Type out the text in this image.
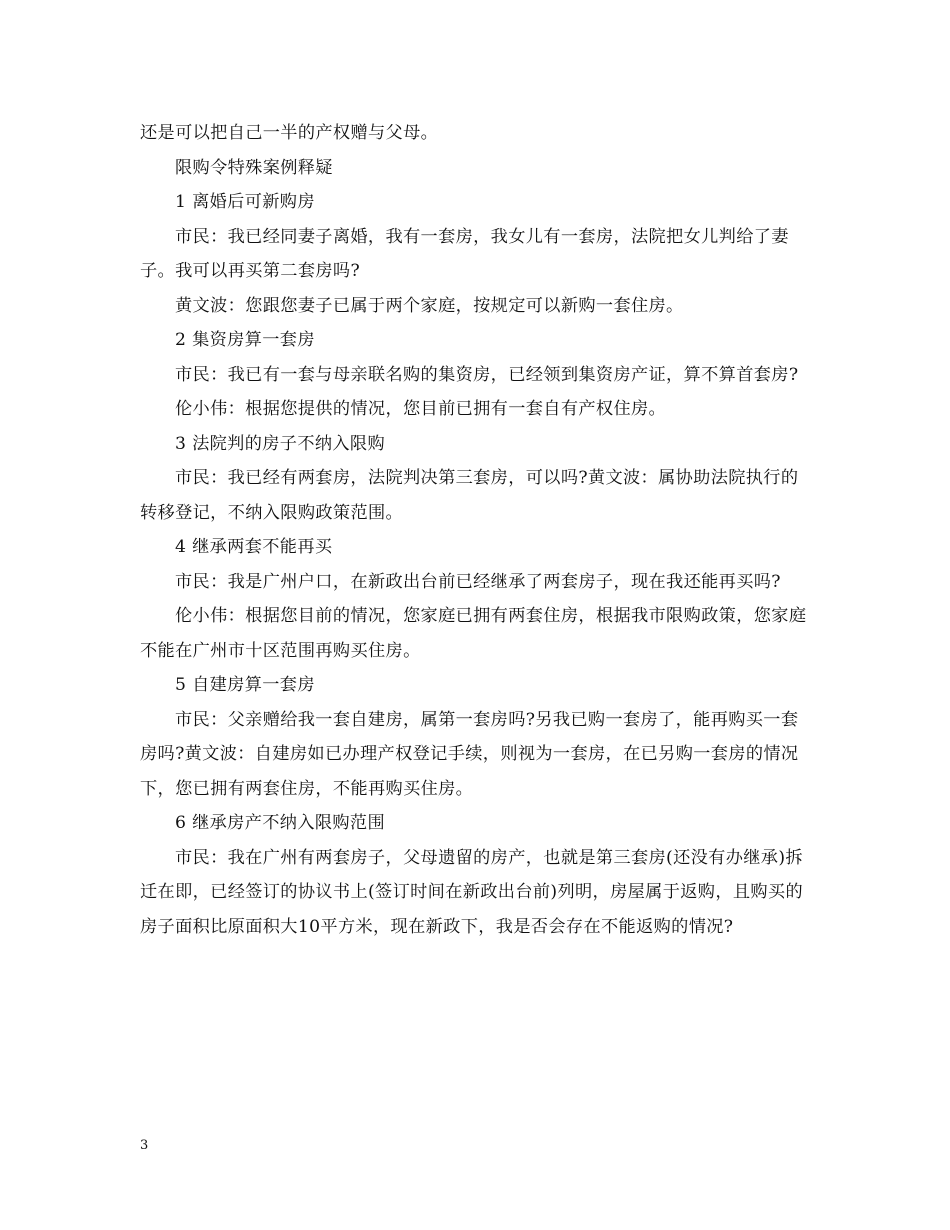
还是可以把自己一半的产权赠与父母。

限购令特殊案例释疑

1 离婚后可新购房

市民：我已经同妻子离婚，我有一套房，我女儿有一套房，法院把女儿判给了妻子。我可以再买第二套房吗?

黄文波：您跟您妻子已属于两个家庭，按规定可以新购一套住房。

2 集资房算一套房

市民：我已有一套与母亲联名购的集资房，已经领到集资房产证，算不算首套房?

伦小伟：根据您提供的情况，您目前已拥有一套自有产权住房。

3 法院判的房子不纳入限购

市民：我已经有两套房，法院判决第三套房，可以吗?黄文波：属协助法院执行的转移登记，不纳入限购政策范围。

4 继承两套不能再买

市民：我是广州户口，在新政出台前已经继承了两套房子，现在我还能再买吗?

伦小伟：根据您目前的情况，您家庭已拥有两套住房，根据我市限购政策，您家庭不能在广州市十区范围再购买住房。

5 自建房算一套房

市民：父亲赠给我一套自建房，属第一套房吗?另我已购一套房了，能再购买一套房吗?黄文波：自建房如已办理产权登记手续，则视为一套房，在已另购一套房的情况下，您已拥有两套住房，不能再购买住房。

6 继承房产不纳入限购范围

市民：我在广州有两套房子，父母遗留的房产，也就是第三套房(还没有办继承)拆迁在即，已经签订的协议书上(签订时间在新政出台前)列明，房屋属于返购，且购买的房子面积比原面积大10平方米，现在新政下，我是否会存在不能返购的情况?

3
